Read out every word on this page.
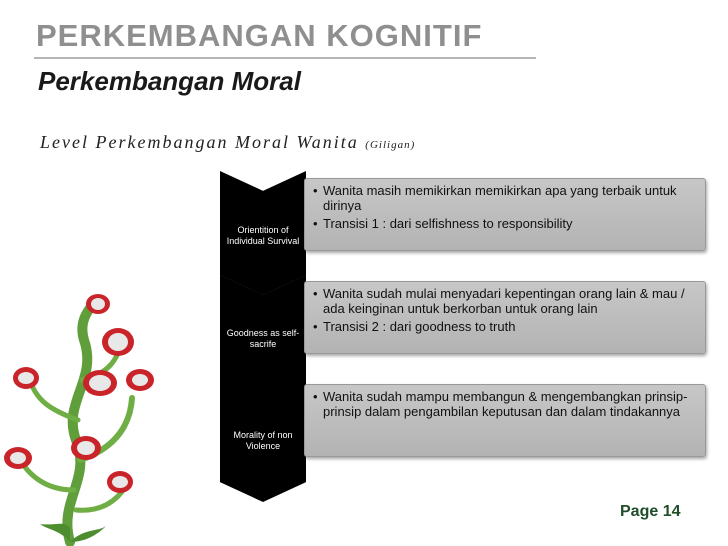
PERKEMBANGAN KOGNITIF
Perkembangan Moral

Level Perkembangan Moral Wanita (Giligan)

Orientition of Individual Survival

• Wanita masih memikirkan memikirkan apa yang terbaik untuk dirinya
• Transisi 1 : dari selfishness to responsibility

Goodness as self-sacrife

• Wanita sudah mulai menyadari kepentingan orang lain & mau / ada keinginan untuk berkorban untuk orang lain
• Transisi 2 : dari goodness to truth

Morality of non Violence

• Wanita sudah mampu membangun & mengembangkan prinsip-prinsip dalam pengambilan keputusan dan dalam tindakannya

Page 14
